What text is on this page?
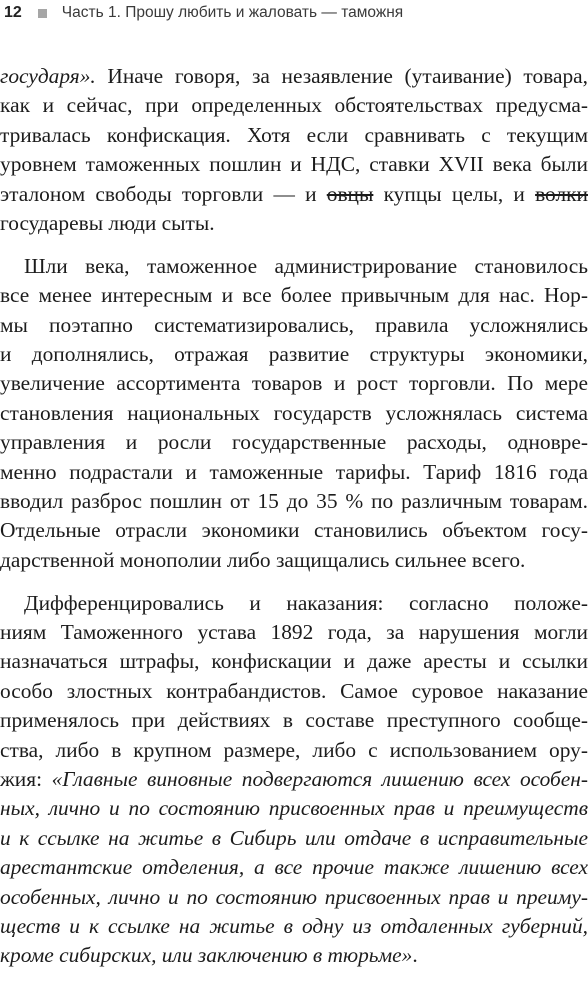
12	Часть 1. Прошу любить и жаловать — таможня
государя». Иначе говоря, за незаявление (утаивание) товара,
как и сейчас, при определенных обстоятельствах предусма-
тривалась конфискация. Хотя если сравнивать с текущим
уровнем таможенных пошлин и НДС, ставки XVII века были
эталоном свободы торговли — и овцы купцы целы, и волки
государевы люди сыты.
Шли века, таможенное администрирование становилось
все менее интересным и все более привычным для нас. Нор-
мы поэтапно систематизировались, правила усложнялись
и дополнялись, отражая развитие структуры экономики,
увеличение ассортимента товаров и рост торговли. По мере
становления национальных государств усложнялась система
управления и росли государственные расходы, одновре-
менно подрастали и таможенные тарифы. Тариф 1816 года
вводил разброс пошлин от 15 до 35 % по различным товарам.
Отдельные отрасли экономики становились объектом госу-
дарственной монополии либо защищались сильнее всего.
Дифференцировались и наказания: согласно положе-
ниям Таможенного устава 1892 года, за нарушения могли
назначаться штрафы, конфискации и даже аресты и ссылки
особо злостных контрабандистов. Самое суровое наказание
применялось при действиях в составе преступного сообще-
ства, либо в крупном размере, либо с использованием ору-
жия: «Главные виновные подвергаются лишению всех особен-
ных, лично и по состоянию присвоенных прав и преимуществ
и к ссылке на житье в Сибирь или отдаче в исправительные
арестантские отделения, а все прочие также лишению всех
особенных, лично и по состоянию присвоенных прав и преиму-
ществ и к ссылке на житье в одну из отдаленных губерний,
кроме сибирских, или заключению в тюрьме».
